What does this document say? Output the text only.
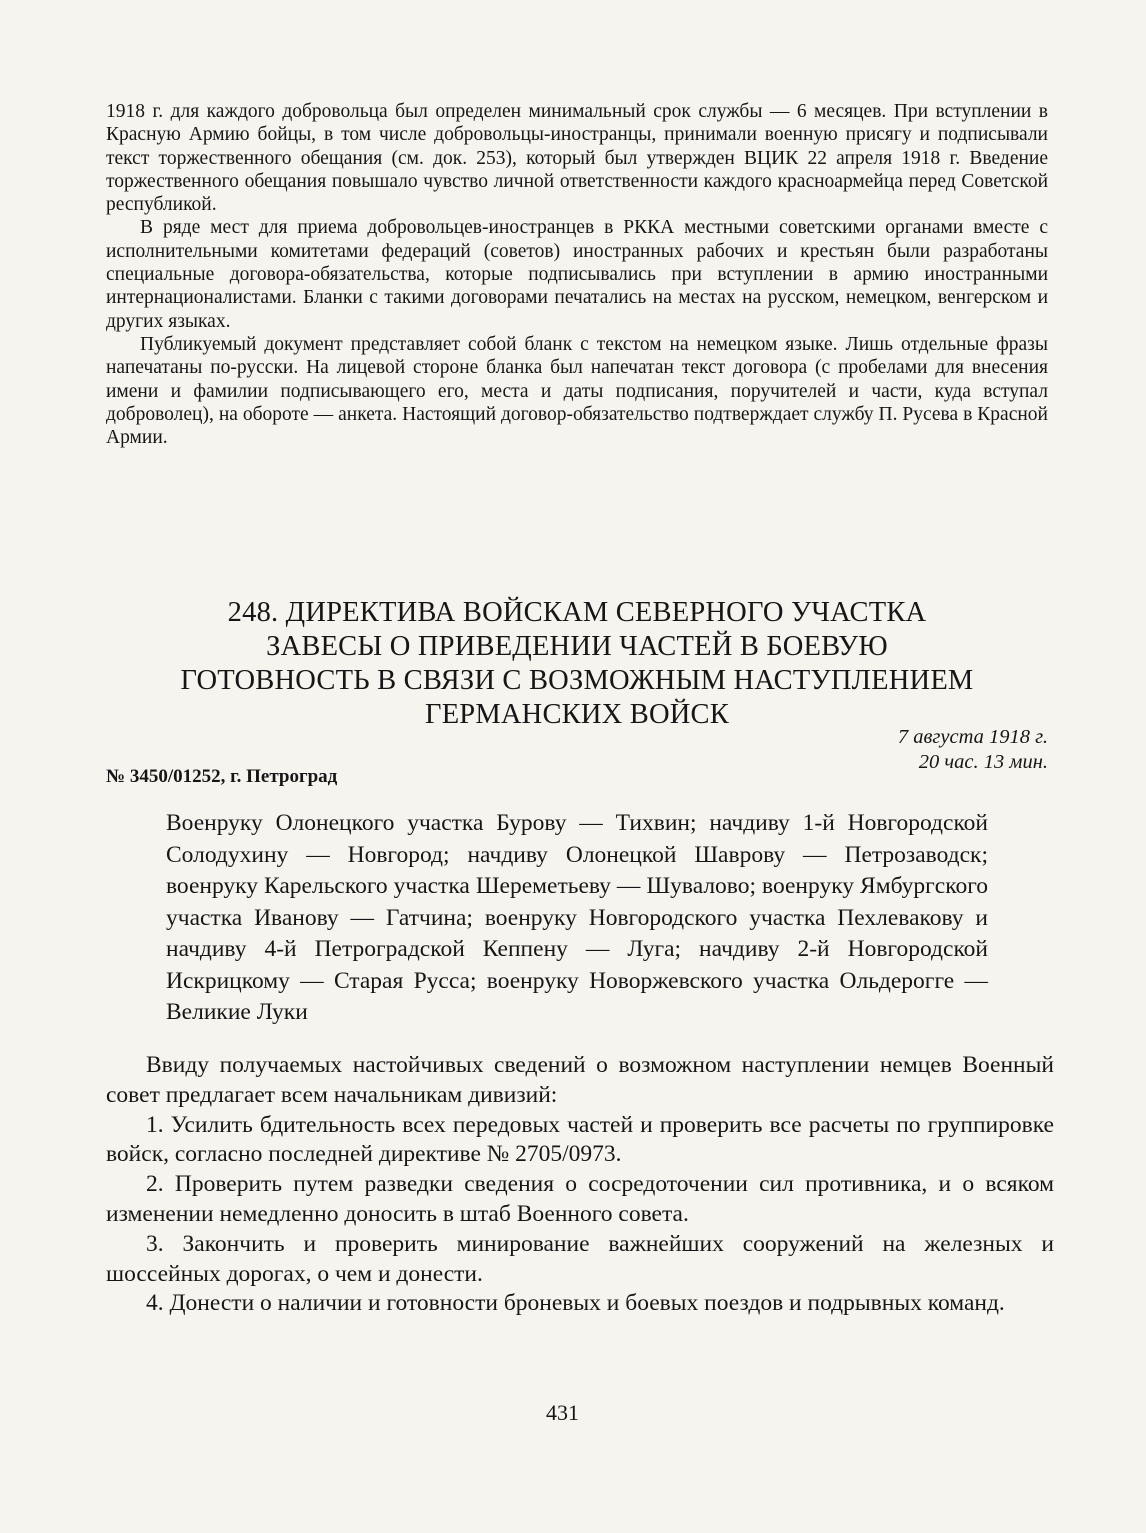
1918 г. для каждого добровольца был определен минимальный срок службы — 6 месяцев. При вступлении в Красную Армию бойцы, в том числе добровольцы-иностранцы, принимали военную присягу и подписывали текст торжественного обещания (см. док. 253), который был утвержден ВЦИК 22 апреля 1918 г. Введение торжественного обещания повышало чувство личной ответственности каждого красноармейца перед Советской республикой.

В ряде мест для приема добровольцев-иностранцев в РККА местными советскими органами вместе с исполнительными комитетами федераций (советов) иностранных рабочих и крестьян были разработаны специальные договора-обязательства, которые подписывались при вступлении в армию иностранными интернационалистами. Бланки с такими договорами печатались на местах на русском, немецком, венгерском и других языках.

Публикуемый документ представляет собой бланк с текстом на немецком языке. Лишь отдельные фразы напечатаны по-русски. На лицевой стороне бланка был напечатан текст договора (с пробелами для внесения имени и фамилии подписывающего его, места и даты подписания, поручителей и части, куда вступал доброволец), на обороте — анкета. Настоящий договор-обязательство подтверждает службу П. Русева в Красной Армии.

248. ДИРЕКТИВА ВОЙСКАМ СЕВЕРНОГО УЧАСТКА
ЗАВЕСЫ О ПРИВЕДЕНИИ ЧАСТЕЙ В БОЕВУЮ
ГОТОВНОСТЬ В СВЯЗИ С ВОЗМОЖНЫМ НАСТУПЛЕНИЕМ
ГЕРМАНСКИХ ВОЙСК
№ 3450/01252, г. Петроград
7 августа 1918 г.
20 час. 13 мин.
Военруку Олонецкого участка Бурову — Тихвин; начдиву 1-й Новгородской Солодухину — Новгород; начдиву Олонецкой Шаврову — Петрозаводск; военруку Карельского участка Шереметьеву — Шувалово; военруку Ямбургского участка Иванову — Гатчина; военруку Новгородского участка Пехлевакову и начдиву 4-й Петроградской Кеппену — Луга; начдиву 2-й Новгородской Искрицкому — Старая Русса; военруку Новоржевского участка Ольдерогге — Великие Луки

Ввиду получаемых настойчивых сведений о возможном наступлении немцев Военный совет предлагает всем начальникам дивизий:

1. Усилить бдительность всех передовых частей и проверить все расчеты по группировке войск, согласно последней директиве № 2705/0973.

2. Проверить путем разведки сведения о сосредоточении сил противника, и о всяком изменении немедленно доносить в штаб Военного совета.

3. Закончить и проверить минирование важнейших сооружений на железных и шоссейных дорогах, о чем и донести.

4. Донести о наличии и готовности броневых и боевых поездов и подрывных команд.

431
